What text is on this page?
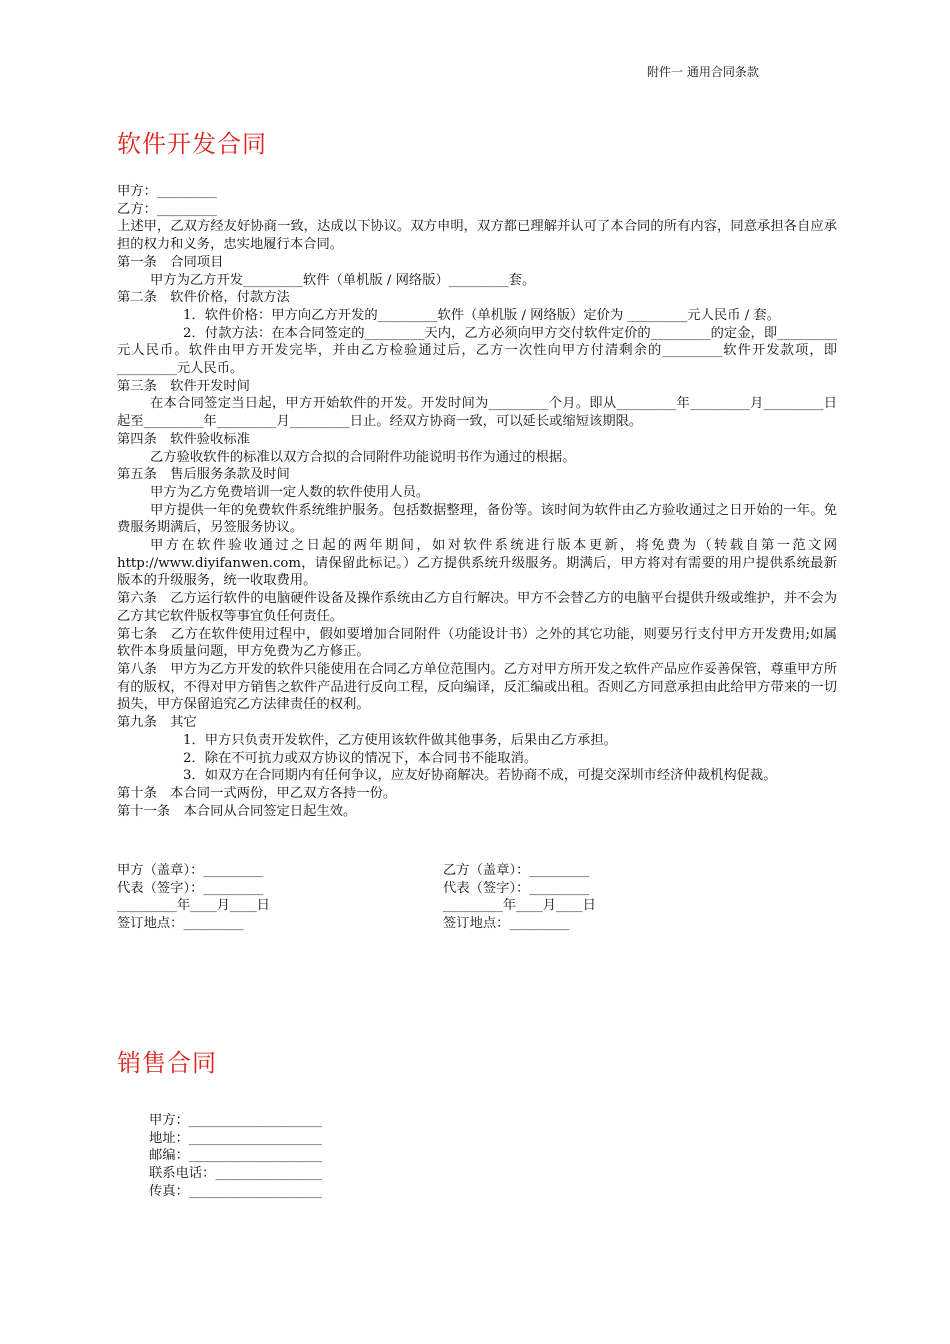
附件一 通用合同条款
软件开发合同

甲方：_________

乙方：_________

上述甲，乙双方经友好协商一致，达成以下协议。双方申明，双方都已理解并认可了本合同的所有内容，同意承担各自应承担的权力和义务，忠实地履行本合同。

第一条　合同项目

甲方为乙方开发_________软件（单机版 / 网络版）_________套。

第二条　软件价格，付款方法

1．软件价格：甲方向乙方开发的_________软件（单机版 / 网络版）定价为 _________元人民币 / 套。

2．付款方法：在本合同签定的_________天内，乙方必须向甲方交付软件定价的_________的定金，即_________元人民币。软件由甲方开发完毕，并由乙方检验通过后，乙方一次性向甲方付清剩余的_________软件开发款项，即_________元人民币。

第三条　软件开发时间

在本合同签定当日起，甲方开始软件的开发。开发时间为_________个月。即从_________年_________月_________日起至_________年_________月_________日止。经双方协商一致，可以延长或缩短该期限。

第四条　软件验收标准

乙方验收软件的标准以双方合拟的合同附件功能说明书作为通过的根据。

第五条　售后服务条款及时间

甲方为乙方免费培训一定人数的软件使用人员。

甲方提供一年的免费软件系统维护服务。包括数据整理，备份等。该时间为软件由乙方验收通过之日开始的一年。免费服务期满后，另签服务协议。

甲方在软件验收通过之日起的两年期间，如对软件系统进行版本更新，将免费为（转载自第一范文网 http://www.diyifanwen.com，请保留此标记。）乙方提供系统升级服务。期满后，甲方将对有需要的用户提供系统最新版本的升级服务，统一收取费用。

第六条　乙方运行软件的电脑硬件设备及操作系统由乙方自行解决。甲方不会替乙方的电脑平台提供升级或维护，并不会为乙方其它软件版权等事宜负任何责任。

第七条　乙方在软件使用过程中，假如要增加合同附件（功能设计书）之外的其它功能，则要另行支付甲方开发费用;如属软件本身质量问题，甲方免费为乙方修正。

第八条　甲方为乙方开发的软件只能使用在合同乙方单位范围内。乙方对甲方所开发之软件产品应作妥善保管，尊重甲方所有的版权，不得对甲方销售之软件产品进行反向工程，反向编译，反汇编或出租。否则乙方同意承担由此给甲方带来的一切损失，甲方保留追究乙方法律责任的权利。

第九条　其它

1．甲方只负责开发软件，乙方使用该软件做其他事务，后果由乙方承担。

2．除在不可抗力或双方协议的情况下，本合同书不能取消。

3．如双方在合同期内有任何争议，应友好协商解决。若协商不成，可提交深圳市经济仲裁机构促裁。

第十条　本合同一式两份，甲乙双方各持一份。

第十一条　本合同从合同签定日起生效。

甲方（盖章）：_________	乙方（盖章）：_________
代表（签字）：_________	代表（签字）：_________
_________年____月____日	_________年____月____日
签订地点：_________	签订地点：_________
销售合同
甲方： ____________________
地址： ____________________
邮编： ____________________
联系电话： ________________
传真： ____________________
